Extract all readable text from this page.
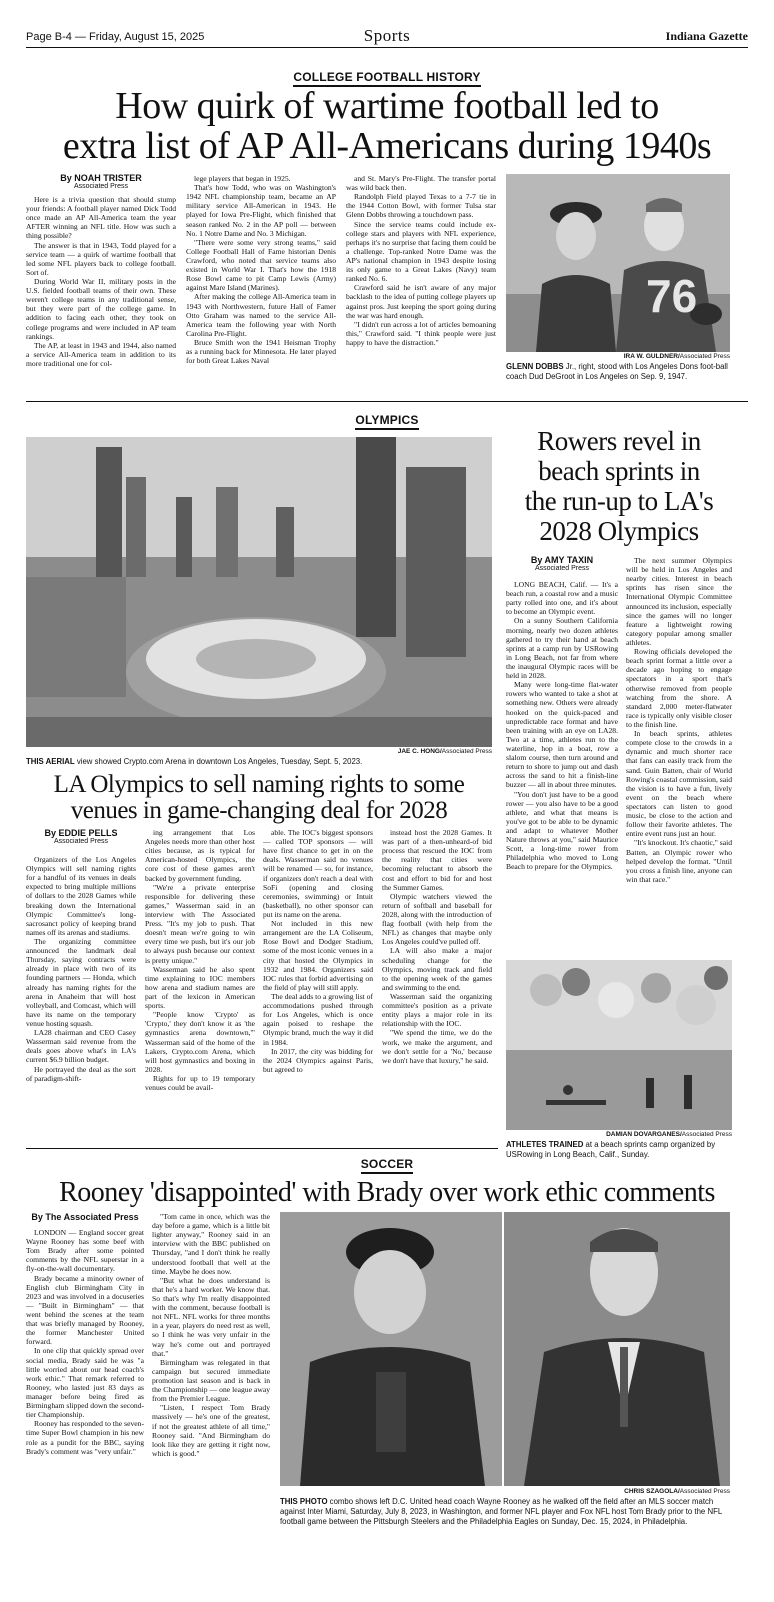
Page B-4 — Friday, August 15, 2025	Sports	Indiana Gazette
COLLEGE FOOTBALL HISTORY
How quirk of wartime football led to
extra list of AP All-Americans during 1940s
By NOAH TRISTER
Associated Press

Here is a trivia question that should stump your friends: A football player named Dick Todd once made an AP All-America team the year AFTER winning an NFL title. How was such a thing possible?

The answer is that in 1943, Todd played for a service team — a quirk of wartime football that led some NFL players back to college football. Sort of.

During World War II, military posts in the U.S. fielded football teams of their own. These weren't college teams in any traditional sense, but they were part of the college game. In addition to facing each other, they took on college programs and were included in AP team rankings.

The AP, at least in 1943 and 1944, also named a service All-America team in addition to its more traditional one for col-

lege players that began in 1925.

That's how Todd, who was on Washington's 1942 NFL championship team, became an AP military service All-American in 1943. He played for Iowa Pre-Flight, which finished that season ranked No. 2 in the AP poll — between No. 1 Notre Dame and No. 3 Michigan.

"There were some very strong teams," said College Football Hall of Fame historian Denis Crawford, who noted that service teams also existed in World War I. That's how the 1918 Rose Bowl came to pit Camp Lewis (Army) against Mare Island (Marines).

After making the college All-America team in 1943 with Northwestern, future Hall of Famer Otto Graham was named to the service All-America team the following year with North Carolina Pre-Flight.

Bruce Smith won the 1941 Heisman Trophy as a running back for Minnesota. He later played for both Great Lakes Naval

and St. Mary's Pre-Flight. The transfer portal was wild back then.

Randolph Field played Texas to a 7-7 tie in the 1944 Cotton Bowl, with former Tulsa star Glenn Dobbs throwing a touchdown pass.

Since the service teams could include ex-college stars and players with NFL experience, perhaps it's no surprise that facing them could be a challenge. Top-ranked Notre Dame was the AP's national champion in 1943 despite losing its only game to a Great Lakes (Navy) team ranked No. 6.

Crawford said he isn't aware of any major backlash to the idea of putting college players up against pros. Just keeping the sport going during the war was hard enough.

"I didn't run across a lot of articles bemoaning this," Crawford said. "I think people were just happy to have the distraction."

76
IRA W. GULDNER/Associated Press
GLENN DOBBS Jr., right, stood with Los Angeles Dons foot-ball coach Dud DeGroot in Los Angeles on Sep. 9, 1947.
OLYMPICS
JAE C. HONG/Associated Press
THIS AERIAL view showed Crypto.com Arena in downtown Los Angeles, Tuesday, Sept. 5, 2023.
LA Olympics to sell naming rights to some
venues in game-changing deal for 2028
By EDDIE PELLS
Associated Press

Organizers of the Los Angeles Olympics will sell naming rights for a handful of its venues in deals expected to bring multiple millions of dollars to the 2028 Games while breaking down the International Olympic Committee's long-sacrosanct policy of keeping brand names off its arenas and stadiums.

The organizing committee announced the landmark deal Thursday, saying contracts were already in place with two of its founding partners — Honda, which already has naming rights for the arena in Anaheim that will host volleyball, and Comcast, which will have its name on the temporary venue hosting squash.

LA28 chairman and CEO Casey Wasserman said revenue from the deals goes above what's in LA's current $6.9 billion budget.

He portrayed the deal as the sort of paradigm-shift-

ing arrangement that Los Angeles needs more than other host cities because, as is typical for American-hosted Olympics, the core cost of these games aren't backed by government funding.

"We're a private enterprise responsible for delivering these games," Wasserman said in an interview with The Associated Press. "It's my job to push. That doesn't mean we're going to win every time we push, but it's our job to always push because our context is pretty unique."

Wasserman said he also spent time explaining to IOC members how arena and stadium names are part of the lexicon in American sports.

"People know 'Crypto' as 'Crypto,' they don't know it as 'the gymnastics arena downtown,'" Wasserman said of the home of the Lakers, Crypto.com Arena, which will host gymnastics and boxing in 2028.

Rights for up to 19 temporary venues could be avail-

able. The IOC's biggest sponsors — called TOP sponsors — will have first chance to get in on the deals. Wasserman said no venues will be renamed — so, for instance, if organizers don't reach a deal with SoFi (opening and closing ceremonies, swimming) or Intuit (basketball), no other sponsor can put its name on the arena.

Not included in this new arrangement are the LA Coliseum, Rose Bowl and Dodger Stadium, some of the most iconic venues in a city that hosted the Olympics in 1932 and 1984. Organizers said IOC rules that forbid advertising on the field of play will still apply.

The deal adds to a growing list of accommodations pushed through for Los Angeles, which is once again poised to reshape the Olympic brand, much the way it did in 1984.

In 2017, the city was bidding for the 2024 Olympics against Paris, but agreed to

instead host the 2028 Games. It was part of a then-unheard-of bid process that rescued the IOC from the reality that cities were becoming reluctant to absorb the cost and effort to bid for and host the Summer Games.

Olympic watchers viewed the return of softball and baseball for 2028, along with the introduction of flag football (with help from the NFL) as changes that maybe only Los Angeles could've pulled off.

LA will also make a major scheduling change for the Olympics, moving track and field to the opening week of the games and swimming to the end.

Wasserman said the organizing committee's position as a private entity plays a major role in its relationship with the IOC.

"We spend the time, we do the work, we make the argument, and we don't settle for a 'No,' because we don't have that luxury," he said.

Rowers revel in
beach sprints in
the run-up to LA's
2028 Olympics
By AMY TAXIN
Associated Press

LONG BEACH, Calif. — It's a beach run, a coastal row and a music party rolled into one, and it's about to become an Olympic event.

On a sunny Southern California morning, nearly two dozen athletes gathered to try their hand at beach sprints at a camp run by USRowing in Long Beach, not far from where the inaugural Olympic races will be held in 2028.

Many were long-time flat-water rowers who wanted to take a shot at something new. Others were already hooked on the quick-paced and unpredictable race format and have been training with an eye on LA28. Two at a time, athletes run to the waterline, hop in a boat, row a slalom course, then turn around and return to shore to jump out and dash across the sand to hit a finish-line buzzer — all in about three minutes.

"You don't just have to be a good rower — you also have to be a good athlete, and what that means is you've got to be able to be dynamic and adapt to whatever Mother Nature throws at you," said Maurice Scott, a long-time rower from Philadelphia who moved to Long Beach to prepare for the Olympics.

The next summer Olympics will be held in Los Angeles and nearby cities. Interest in beach sprints has risen since the International Olympic Committee announced its inclusion, especially since the games will no longer feature a lightweight rowing category popular among smaller athletes.

Rowing officials developed the beach sprint format a little over a decade ago hoping to engage spectators in a sport that's otherwise removed from people watching from the shore. A standard 2,000 meter-flatwater race is typically only visible closer to the finish line.

In beach sprints, athletes compete close to the crowds in a dynamic and much shorter race that fans can easily track from the sand. Guin Batten, chair of World Rowing's coastal commission, said the vision is to have a fun, lively event on the beach where spectators can listen to good music, be close to the action and follow their favorite athletes. The entire event runs just an hour.

"It's knockout. It's chaotic," said Batten, an Olympic rower who helped develop the format. "Until you cross a finish line, anyone can win that race."

DAMIAN DOVARGANES/Associated Press
ATHLETES TRAINED at a beach sprints camp organized by USRowing in Long Beach, Calif., Sunday.
SOCCER
Rooney 'disappointed' with Brady over work ethic comments
By The Associated Press

LONDON — England soccer great Wayne Rooney has some beef with Tom Brady after some pointed comments by the NFL superstar in a fly-on-the-wall documentary.

Brady became a minority owner of English club Birmingham City in 2023 and was involved in a docuseries — "Built in Birmingham" — that went behind the scenes at the team that was briefly managed by Rooney, the former Manchester United forward.

In one clip that quickly spread over social media, Brady said he was "a little worried about our head coach's work ethic." That remark referred to Rooney, who lasted just 83 days as manager before being fired as Birmingham slipped down the second-tier Championship.

Rooney has responded to the seven-time Super Bowl champion in his new role as a pundit for the BBC, saying Brady's comment was "very unfair."

"Tom came in once, which was the day before a game, which is a little bit lighter anyway," Rooney said in an interview with the BBC published on Thursday, "and I don't think he really understood football that well at the time. Maybe he does now.

"But what he does understand is that he's a hard worker. We know that. So that's why I'm really disappointed with the comment, because football is not NFL. NFL works for three months in a year, players do need rest as well, so I think he was very unfair in the way he's come out and portrayed that."

Birmingham was relegated in that campaign but secured immediate promotion last season and is back in the Championship — one league away from the Premier League.

"Listen, I respect Tom Brady massively — he's one of the greatest, if not the greatest athlete of all time," Rooney said. "And Birmingham do look like they are getting it right now, which is good."

CHRIS SZAGOLA/Associated Press
THIS PHOTO combo shows left D.C. United head coach Wayne Rooney as he walked off the field after an MLS soccer match against Inter Miami, Saturday, July 8, 2023, in Washington, and former NFL player and Fox NFL host Tom Brady prior to the NFL football game between the Pittsburgh Steelers and the Philadelphia Eagles on Sunday, Dec. 15, 2024, in Philadelphia.
